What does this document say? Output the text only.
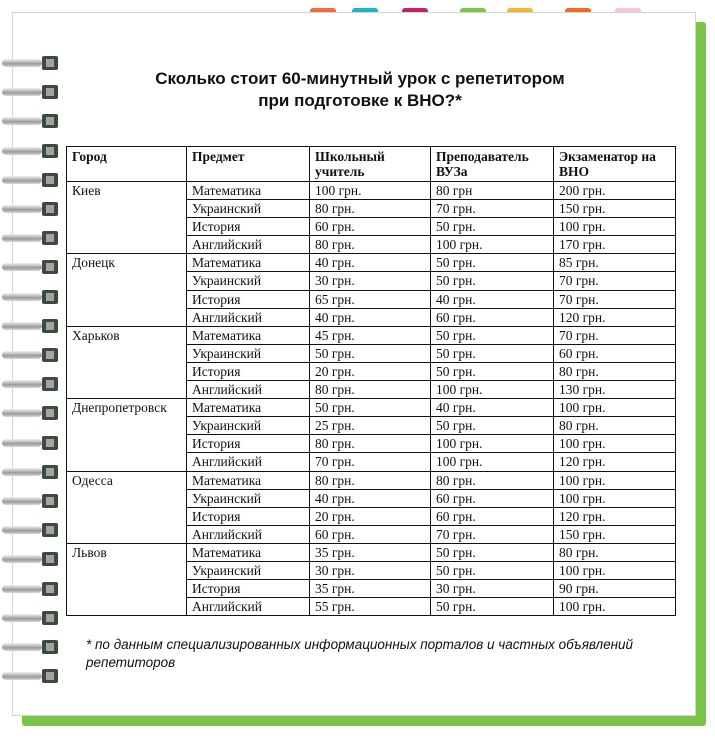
Сколько стоит 60-минутный урок с репетитором
при подготовке к ВНО?*
Город	Предмет	Школьный учитель	Преподаватель ВУЗа	Экзаменатор на ВНО
Киев	Математика	100 грн.	80 грн	200 грн.
	Украинский	80 грн.	70 грн.	150 грн.
	История	60 грн.	50 грн.	100 грн.
	Английский	80 грн.	100 грн.	170 грн.
Донецк	Математика	40 грн.	50 грн.	85 грн.
	Украинский	30 грн.	50 грн.	70 грн.
	История	65 грн.	40 грн.	70 грн.
	Английский	40 грн.	60 грн.	120 грн.
Харьков	Математика	45 грн.	50 грн.	70 грн.
	Украинский	50 грн.	50 грн.	60 грн.
	История	20 грн.	50 грн.	80 грн.
	Английский	80 грн.	100 грн.	130 грн.
Днепропетровск	Математика	50 грн.	40 грн.	100 грн.
	Украинский	25 грн.	50 грн.	80 грн.
	История	80 грн.	100 грн.	100 грн.
	Английский	70 грн.	100 грн.	120 грн.
Одесса	Математика	80 грн.	80 грн.	100 грн.
	Украинский	40 грн.	60 грн.	100 грн.
	История	20 грн.	60 грн.	120 грн.
	Английский	60 грн.	70 грн.	150 грн.
Львов	Математика	35 грн.	50 грн.	80 грн.
	Украинский	30 грн.	50 грн.	100 грн.
	История	35 грн.	30 грн.	90 грн.
	Английский	55 грн.	50 грн.	100 грн.
* по данным специализированных информационных порталов и частных объявлений репетиторов
